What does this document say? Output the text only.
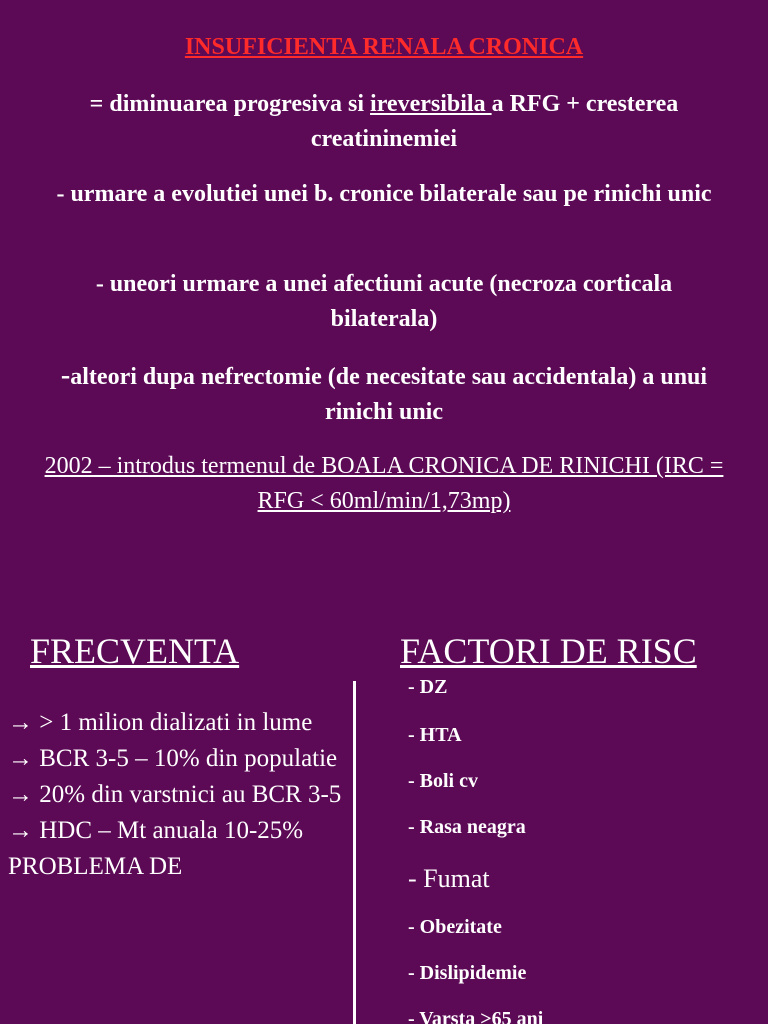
INSUFICIENTA RENALA CRONICA

= diminuarea progresiva si ireversibila a RFG + cresterea creatininemiei

- urmare a evolutiei unei b. cronice bilaterale sau pe rinichi unic

- uneori urmare a unei afectiuni acute (necroza corticala bilaterala)

-alteori dupa nefrectomie (de necesitate sau accidentala) a unui rinichi unic

2002 – introdus termenul de BOALA CRONICA DE RINICHI (IRC = RFG < 60ml/min/1,73mp)

FRECVENTA	FACTORI DE RISC
→ > 1 milion dializati in lume
→ BCR 3-5 – 10% din populatie
→ 20% din varstnici au BCR 3-5
→ HDC – Mt anuala 10-25%
PROBLEMA DE
- DZ
- HTA
- Boli cv
- Rasa neagra
- Fumat
- Obezitate
- Dislipidemie
- Varsta >65 ani
